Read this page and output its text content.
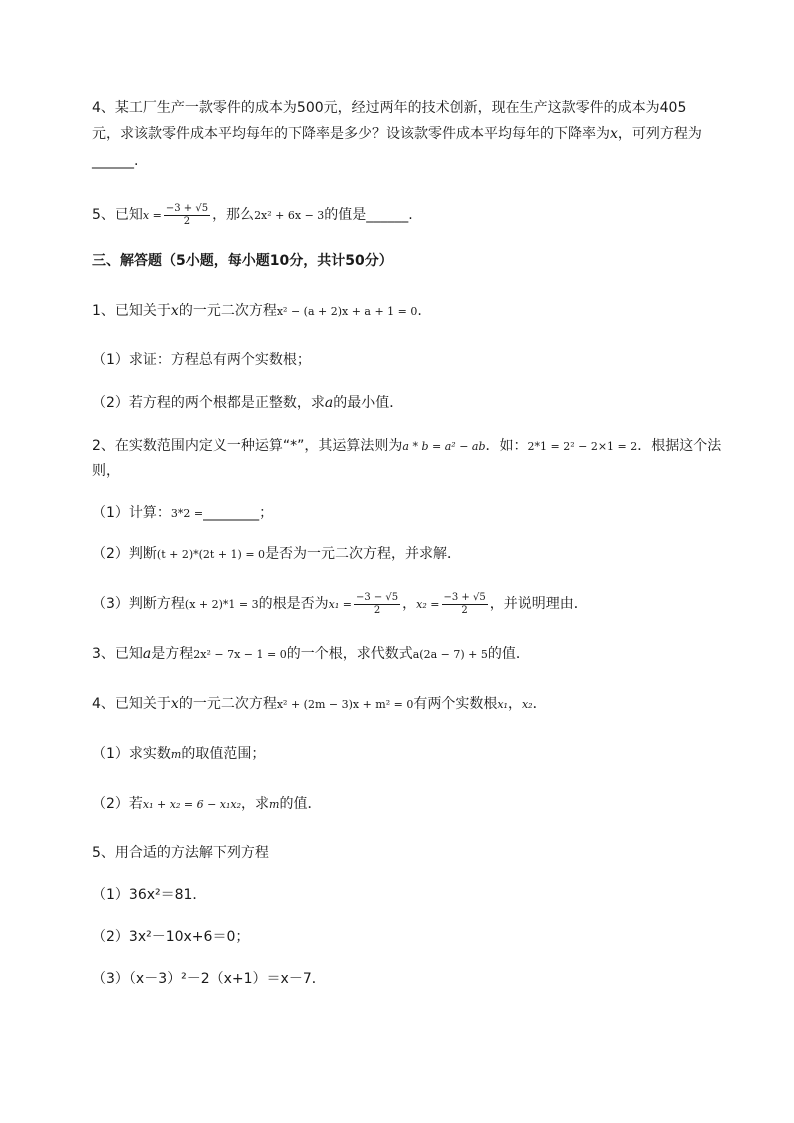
4、某工厂生产一款零件的成本为500元，经过两年的技术创新，现在生产这款零件的成本为405
元，求该款零件成本平均每年的下降率是多少？设该款零件成本平均每年的下降率为x，可列方程为
______.
5、已知$x = \frac{-3 + √5}{2}$ ，那么2x² + 6x − 3的值是______.
三、解答题（5小题，每小题10分，共计50分）
1、已知关于x的一元二次方程x² − (a + 2)x + a + 1 = 0.
（1）求证：方程总有两个实数根；
（2）若方程的两个根都是正整数，求a的最小值．
2、在实数范围内定义一种运算“*”，其运算法则为a * b = a² − ab．如：2*1 = 2² − 2×1 = 2．根据这个法
则，
（1）计算：3*2 =________；
（2）判断(t + 2)*(2t + 1) = 0是否为一元二次方程，并求解．
（3）判断方程(x + 2)*1 = 3的根是否为$x_1 = \frac{-3 - √5}{2}$ ，$x_2 = \frac{-3 + √5}{2}$ ，并说明理由．
3、已知a是方程2x² − 7x − 1 = 0的一个根，求代数式a(2a − 7) + 5的值．
4、已知关于x的一元二次方程x² + (2m − 3)x + m² = 0有两个实数根x₁，x₂．
（1）求实数m的取值范围；
（2）若x₁ + x₂ = 6 − x₁x₂，求m的值．
5、用合适的方法解下列方程
（1）36x²＝81．
（2）3x²－10x+6＝0；
（3）（x－3）²－2（x+1）＝x－7．
